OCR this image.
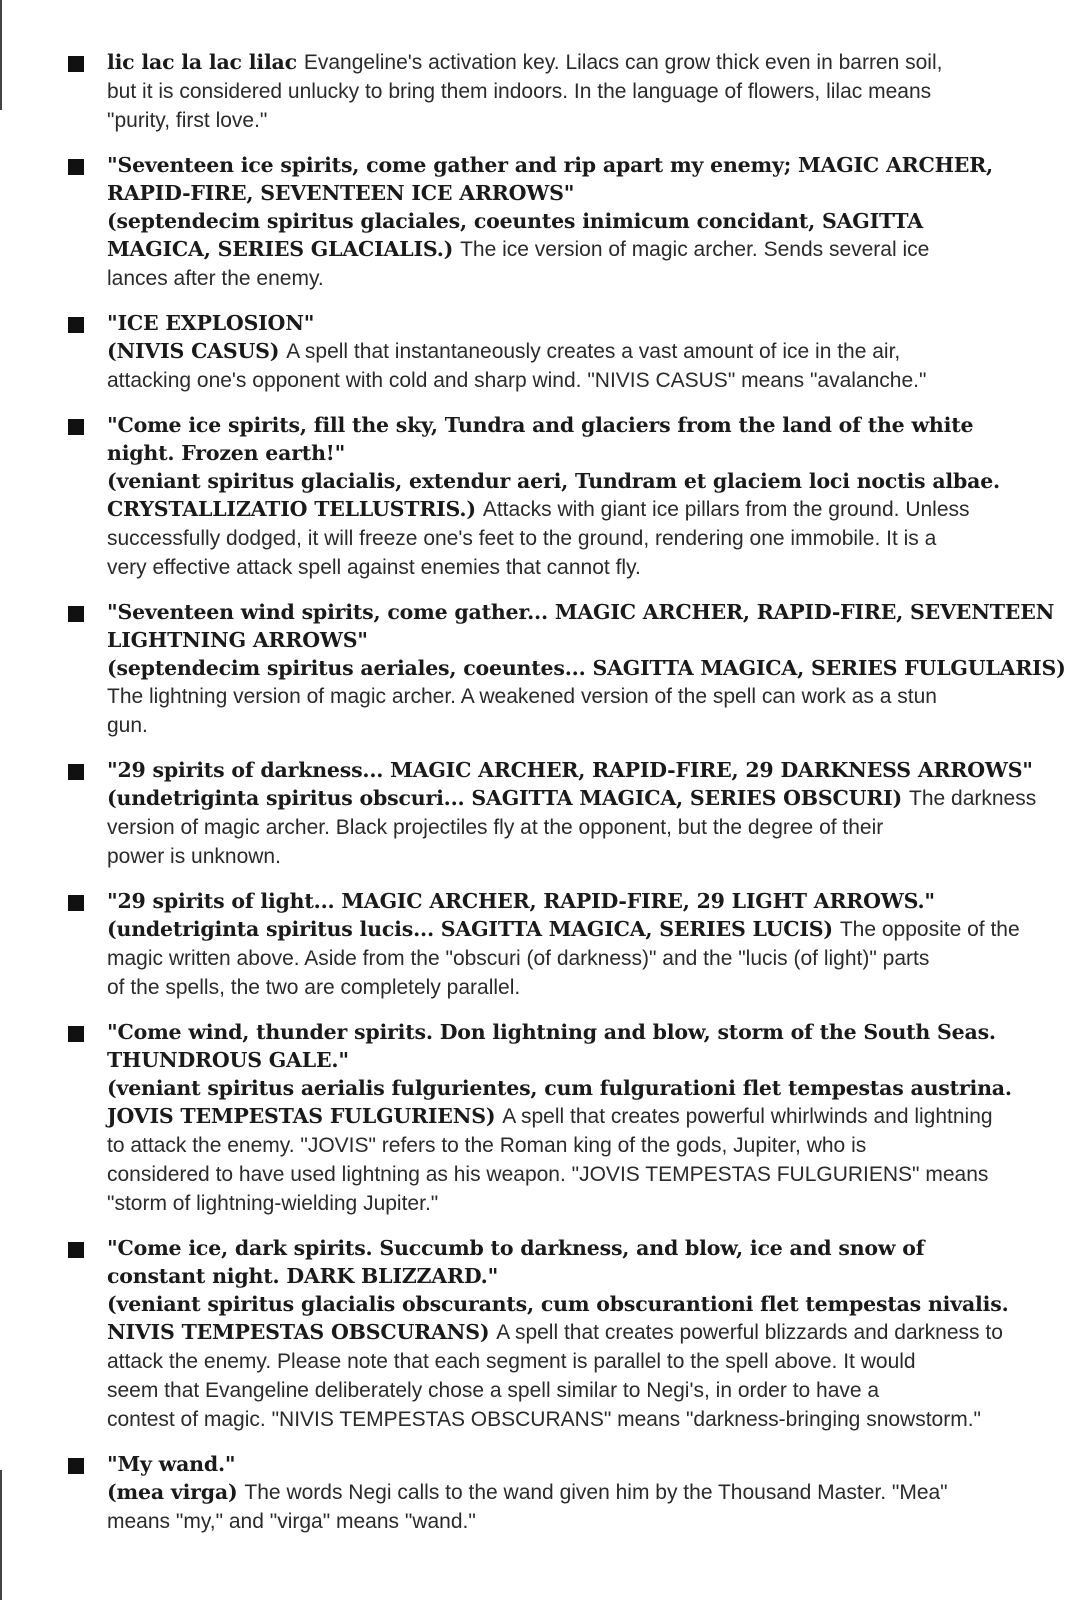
lic lac la lac lilac Evangeline's activation key. Lilacs can grow thick even in barren soil,
but it is considered unlucky to bring them indoors. In the language of flowers, lilac means
"purity, first love."
"Seventeen ice spirits, come gather and rip apart my enemy; MAGIC ARCHER,
RAPID-FIRE, SEVENTEEN ICE ARROWS"
(septendecim spiritus glaciales, coeuntes inimicum concidant, SAGITTA
MAGICA, SERIES GLACIALIS.) The ice version of magic archer. Sends several ice
lances after the enemy.
"ICE EXPLOSION"
(NIVIS CASUS) A spell that instantaneously creates a vast amount of ice in the air,
attacking one's opponent with cold and sharp wind. "NIVIS CASUS" means "avalanche."
"Come ice spirits, fill the sky, Tundra and glaciers from the land of the white
night. Frozen earth!"
(veniant spiritus glacialis, extendur aeri, Tundram et glaciem loci noctis albae.
CRYSTALLIZATIO TELLUSTRIS.) Attacks with giant ice pillars from the ground. Unless
successfully dodged, it will freeze one's feet to the ground, rendering one immobile. It is a
very effective attack spell against enemies that cannot fly.
"Seventeen wind spirits, come gather... MAGIC ARCHER, RAPID-FIRE, SEVENTEEN
LIGHTNING ARROWS"
(septendecim spiritus aeriales, coeuntes... SAGITTA MAGICA, SERIES FULGULARIS)
The lightning version of magic archer. A weakened version of the spell can work as a stun
gun.
"29 spirits of darkness... MAGIC ARCHER, RAPID-FIRE, 29 DARKNESS ARROWS"
(undetriginta spiritus obscuri... SAGITTA MAGICA, SERIES OBSCURI) The darkness
version of magic archer. Black projectiles fly at the opponent, but the degree of their
power is unknown.
"29 spirits of light... MAGIC ARCHER, RAPID-FIRE, 29 LIGHT ARROWS."
(undetriginta spiritus lucis... SAGITTA MAGICA, SERIES LUCIS) The opposite of the
magic written above. Aside from the "obscuri (of darkness)" and the "lucis (of light)" parts
of the spells, the two are completely parallel.
"Come wind, thunder spirits. Don lightning and blow, storm of the South Seas.
THUNDROUS GALE."
(veniant spiritus aerialis fulgurientes, cum fulgurationi flet tempestas austrina.
JOVIS TEMPESTAS FULGURIENS) A spell that creates powerful whirlwinds and lightning
to attack the enemy. "JOVIS" refers to the Roman king of the gods, Jupiter, who is
considered to have used lightning as his weapon. "JOVIS TEMPESTAS FULGURIENS" means
"storm of lightning-wielding Jupiter."
"Come ice, dark spirits. Succumb to darkness, and blow, ice and snow of
constant night. DARK BLIZZARD."
(veniant spiritus glacialis obscurants, cum obscurantioni flet tempestas nivalis.
NIVIS TEMPESTAS OBSCURANS) A spell that creates powerful blizzards and darkness to
attack the enemy. Please note that each segment is parallel to the spell above. It would
seem that Evangeline deliberately chose a spell similar to Negi's, in order to have a
contest of magic. "NIVIS TEMPESTAS OBSCURANS" means "darkness-bringing snowstorm."
"My wand."
(mea virga) The words Negi calls to the wand given him by the Thousand Master. "Mea"
means "my," and "virga" means "wand."
